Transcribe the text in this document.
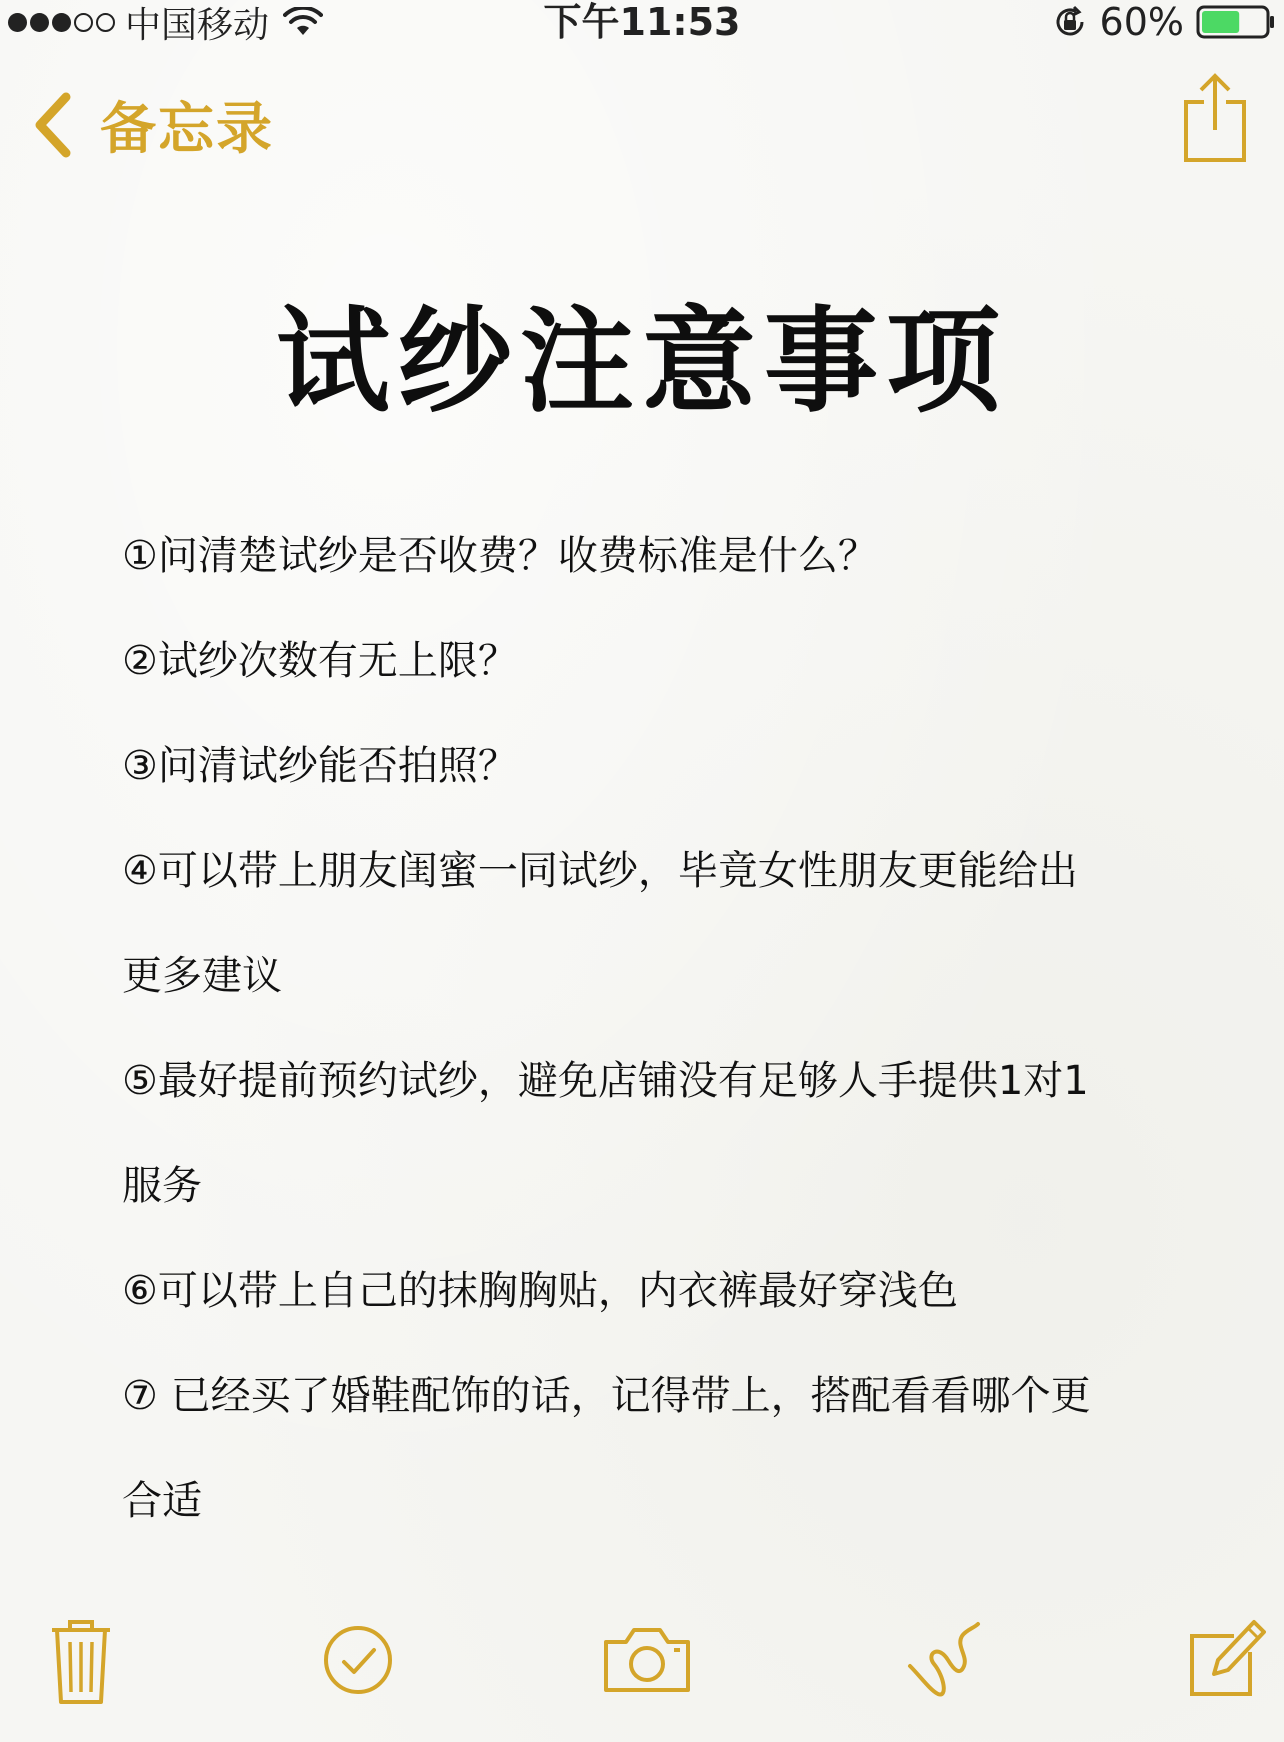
中国移动	下午11:53	60%
备忘录
试纱注意事项
①问清楚试纱是否收费？收费标准是什么？
②试纱次数有无上限？
③问清试纱能否拍照？
④可以带上朋友闺蜜一同试纱，毕竟女性朋友更能给出
更多建议
⑤最好提前预约试纱，避免店铺没有足够人手提供1对1
服务
⑥可以带上自己的抹胸胸贴，内衣裤最好穿浅色
⑦ 已经买了婚鞋配饰的话，记得带上，搭配看看哪个更
合适
